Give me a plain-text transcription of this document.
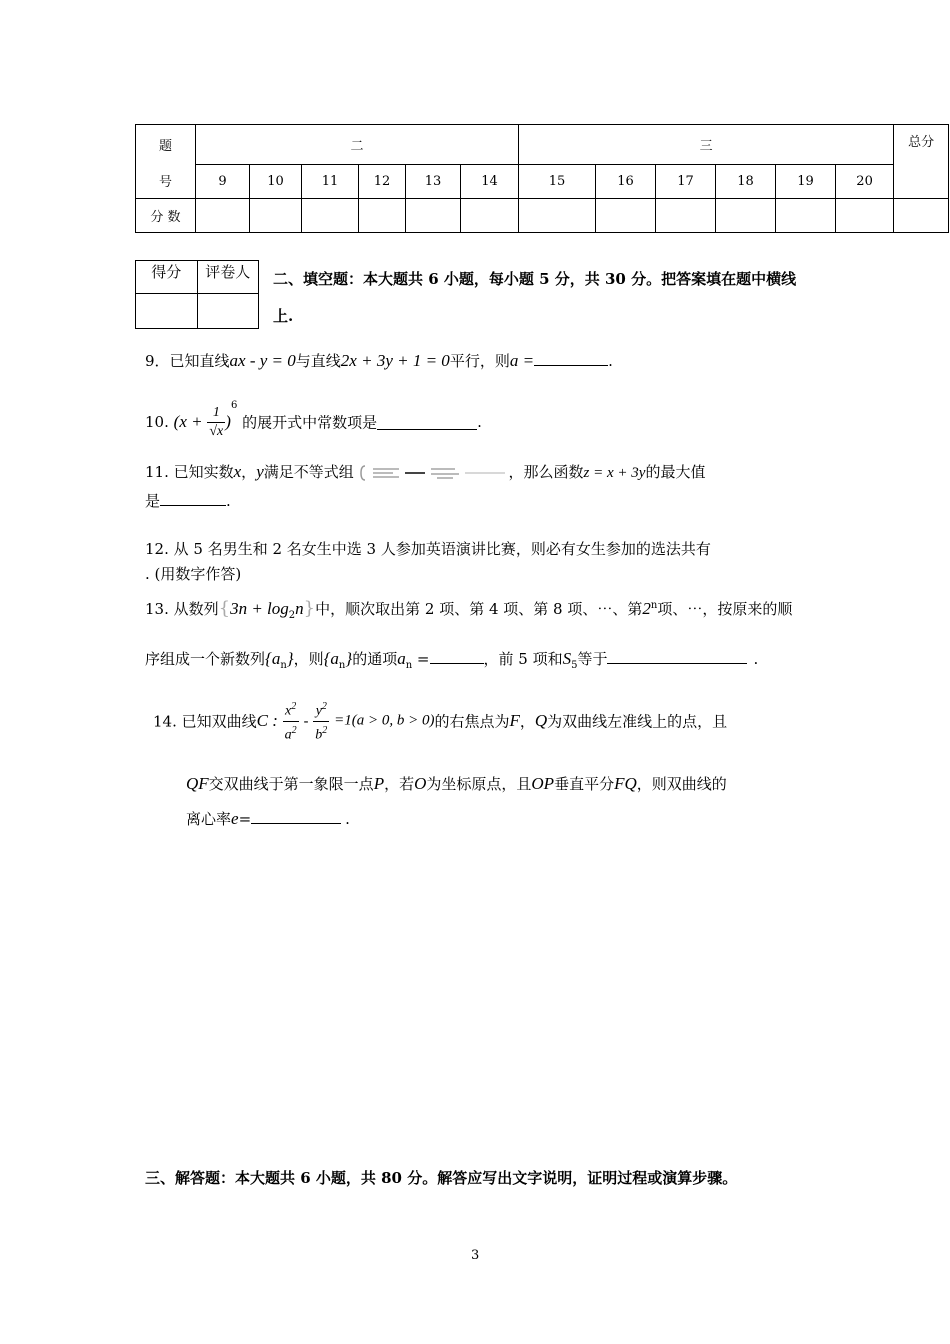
题	二						三						总分
号	9	10	11	12	13	14	15	16	17	18	19	20	
分 数													
得分	评卷人
	二、填空题：本大题共 6 小题，每小题 5 分，共 30 分。把答案填在题中横线
上.
9．已知直线ax - y = 0与直线2x + 3y + 1 = 0平行，则a =	.
10. $(x + \frac{1}{√x} )^6$ 的展开式中常数项是	.
11. 已知实数x，y满足不等式组	，那么函数z = x + 3y的最大值
是	.
12. 从 5 名男生和 2 名女生中选 3 人参加英语演讲比赛，则必有女生参加的选法共有
. (用数字作答)
13. 从数列$\{3n + \log_2n\}$中，顺次取出第 2 项、第 4 项、第 8 项、⋯、第2$^n$项、⋯，按原来的顺
序组成一个新数列$\{a_n\}$，则$\{a_n\}$的通项$a_n$ =	，前 5 项和$S_5$等于	.
14. 已知双曲线C : $\frac{x^2}{a^2} - \frac{y^2}{b^2} =1(a > 0$, b > 0)的右焦点为F，Q为双曲线左准线上的点，且
QF交双曲线于第一象限一点P，若O为坐标原点，且OP垂直平分FQ，则双曲线的
离心率e=	.
三、解答题：本大题共 6 小题，共 80 分。解答应写出文字说明，证明过程或演算步骤。
3
